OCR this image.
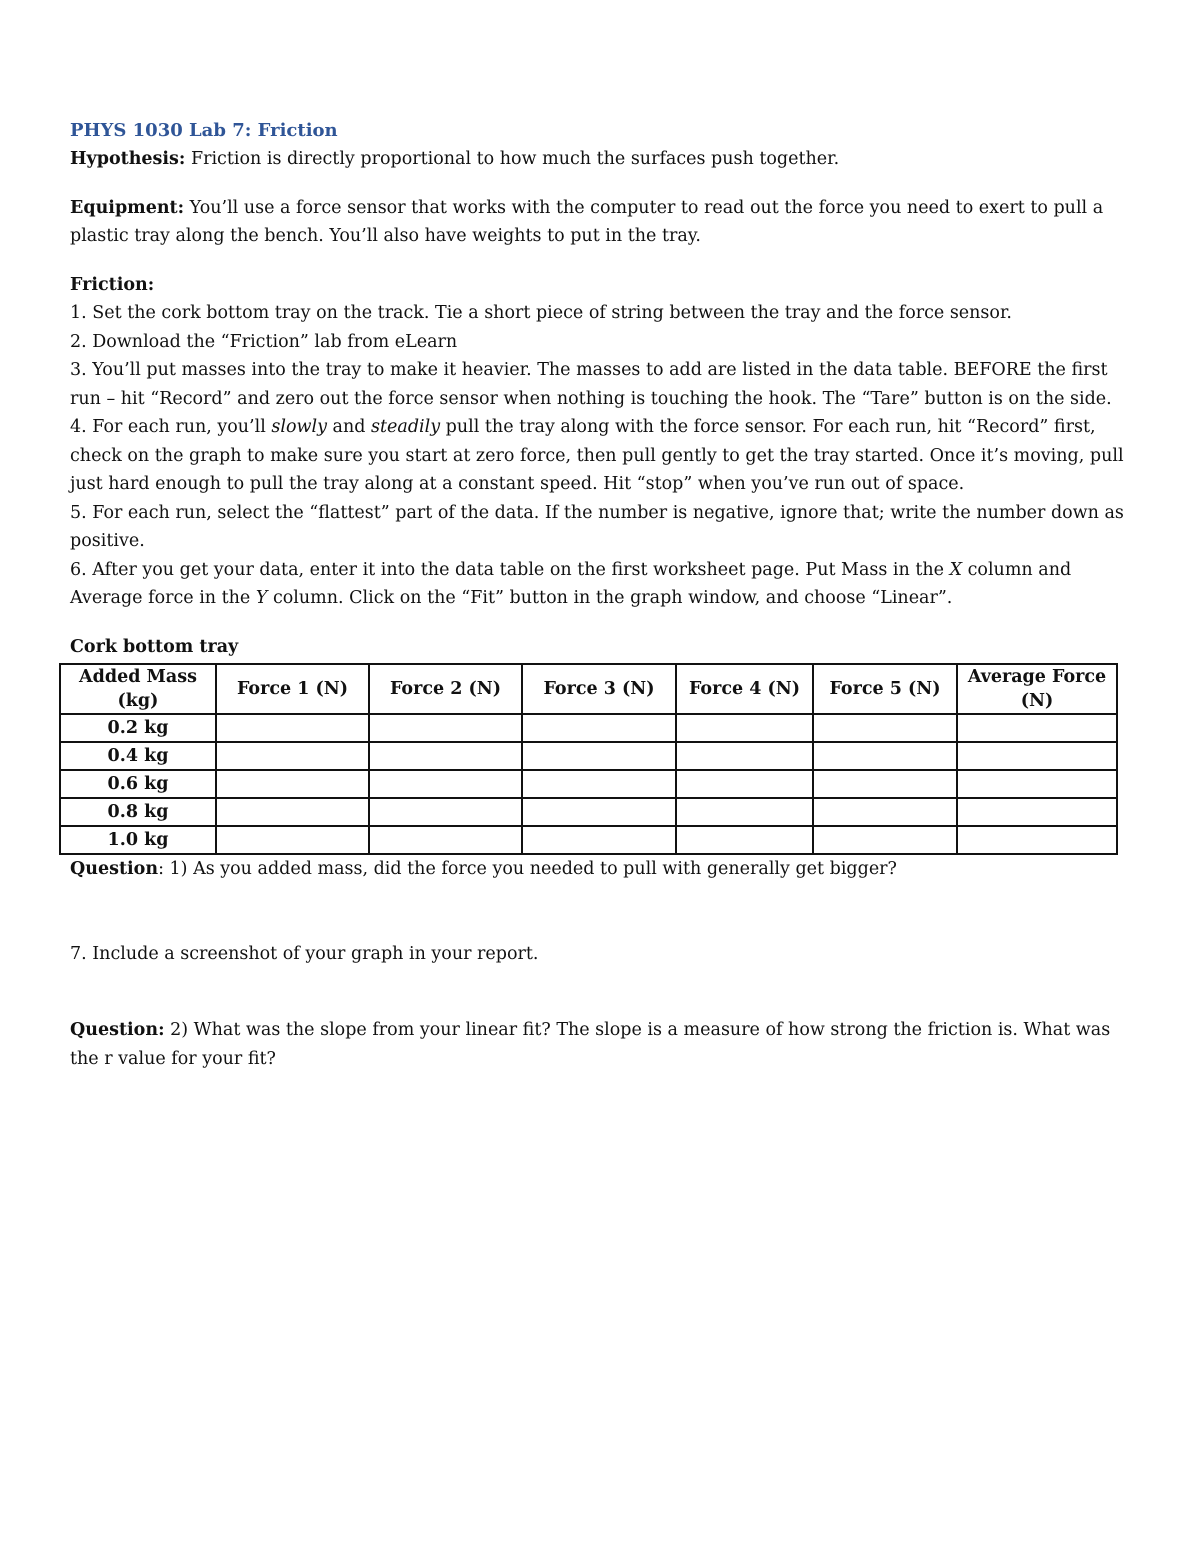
PHYS 1030 Lab 7: Friction

Hypothesis: Friction is directly proportional to how much the surfaces push together.

Equipment: You’ll use a force sensor that works with the computer to read out the force you need to exert to pull a plastic tray along the bench. You’ll also have weights to put in the tray.

Friction:

1. Set the cork bottom tray on the track. Tie a short piece of string between the tray and the force sensor.

2. Download the “Friction” lab from eLearn

3. You’ll put masses into the tray to make it heavier. The masses to add are listed in the data table. BEFORE the first run – hit “Record” and zero out the force sensor when nothing is touching the hook. The “Tare” button is on the side.

4. For each run, you’ll slowly and steadily pull the tray along with the force sensor. For each run, hit “Record” first, check on the graph to make sure you start at zero force, then pull gently to get the tray started. Once it’s moving, pull just hard enough to pull the tray along at a constant speed. Hit “stop” when you’ve run out of space.

5. For each run, select the “flattest” part of the data. If the number is negative, ignore that; write the number down as positive.

6. After you get your data, enter it into the data table on the first worksheet page. Put Mass in the X column and Average force in the Y column. Click on the “Fit” button in the graph window, and choose “Linear”.

Cork bottom tray

Added Mass (kg)	Force 1 (N)	Force 2 (N)	Force 3 (N)	Force 4 (N)	Force 5 (N)	Average Force (N)
0.2 kg						
0.4 kg						
0.6 kg						
0.8 kg						
1.0 kg						

Question: 1) As you added mass, did the force you needed to pull with generally get bigger?

7. Include a screenshot of your graph in your report.

Question: 2) What was the slope from your linear fit? The slope is a measure of how strong the friction is. What was the r value for your fit?
